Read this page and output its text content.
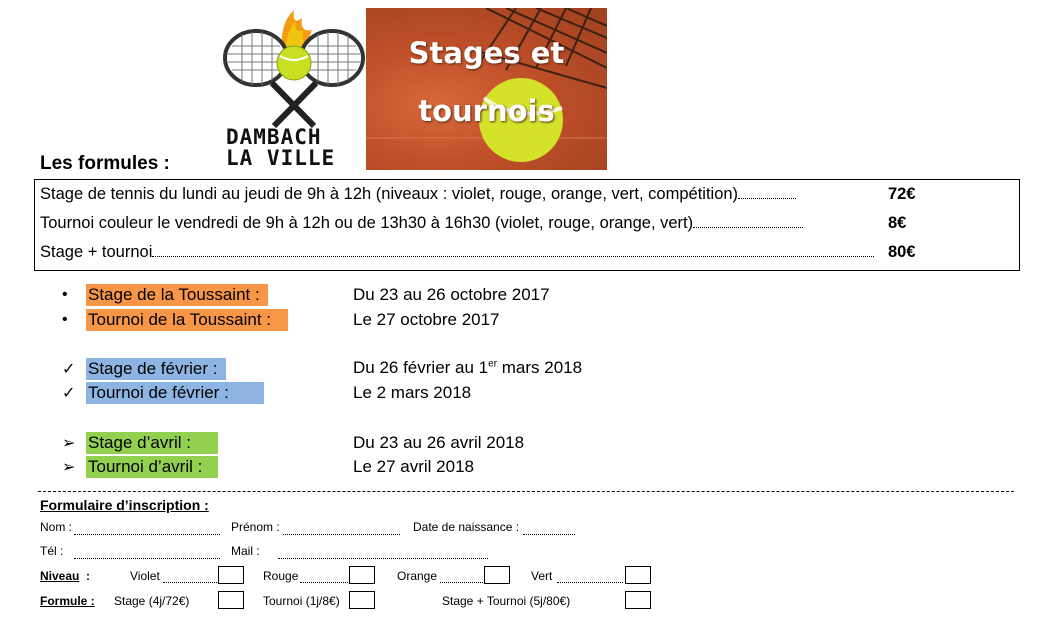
DAMBACH
LA VILLE
Stages et
tournois
Les formules :
Stage de tennis du lundi au jeudi de 9h à 12h (niveaux : violet, rouge, orange, vert, compétition)	72€
Tournoi couleur le vendredi de 9h à 12h ou de 13h30 à 16h30 (violet, rouge, orange, vert)	8€
Stage + tournoi	80€
• Stage de la Toussaint :	Du 23 au 26 octobre 2017
• Tournoi de la Toussaint :	Le 27 octobre 2017
✓ Stage de février :	Du 26 février au 1er mars 2018
✓ Tournoi de février :	Le 2 mars 2018
➢ Stage d’avril :	Du 23 au 26 avril 2018
➢ Tournoi d’avril :	Le 27 avril 2018
Formulaire d’inscription :
Nom :	Prénom :	Date de naissance :
Tél :	Mail :
Niveau :	Violet	Rouge	Orange	Vert
Formule : Stage (4j/72€)	Tournoi (1j/8€)	Stage + Tournoi (5j/80€)
